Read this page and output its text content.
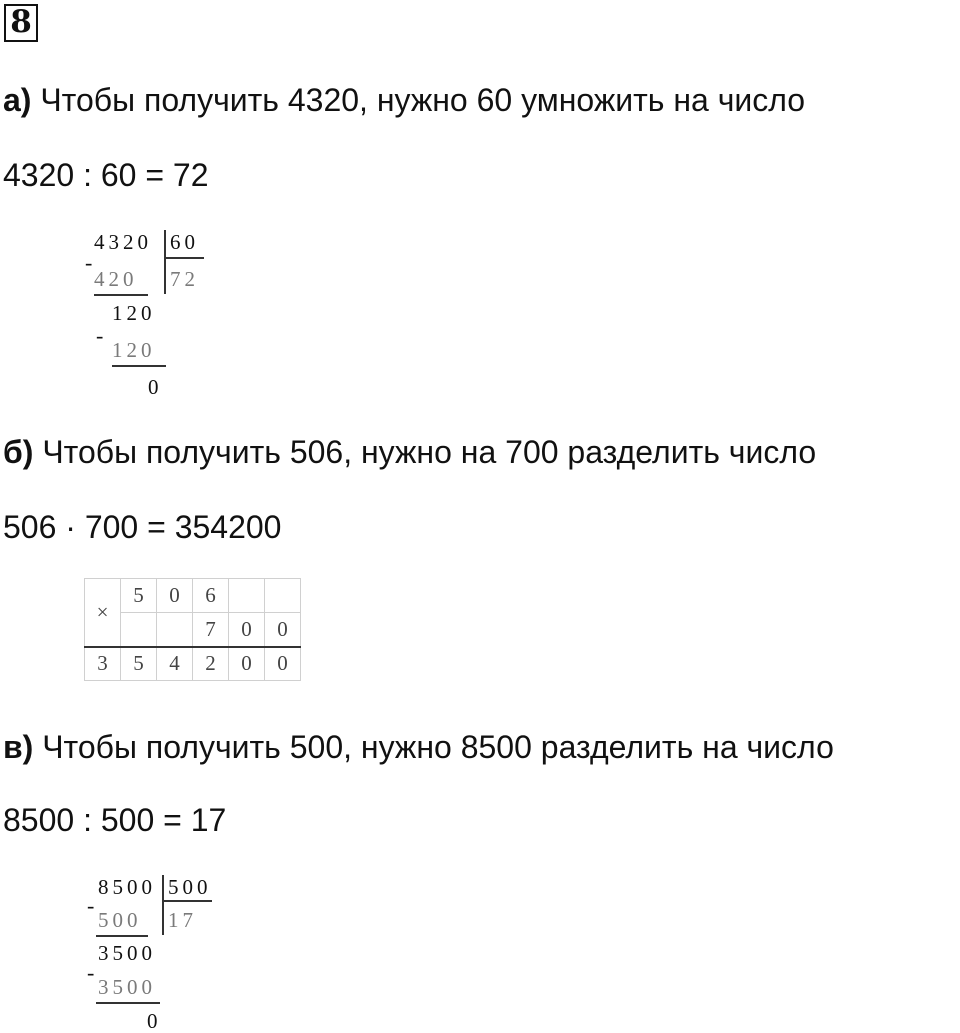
8
а) Чтобы получить 4320, нужно 60 умножить на число
4320 : 60 = 72
4320 60
-
420 72
120
-
120
0
б) Чтобы получить 506, нужно на 700 разделить число
506 · 700 = 354200
×	5	0	6		
			7	0	0
3	5	4	2	0	0
в) Чтобы получить 500, нужно 8500 разделить на число
8500 : 500 = 17
8500 500
-
500 17
3500
-
3500
0
